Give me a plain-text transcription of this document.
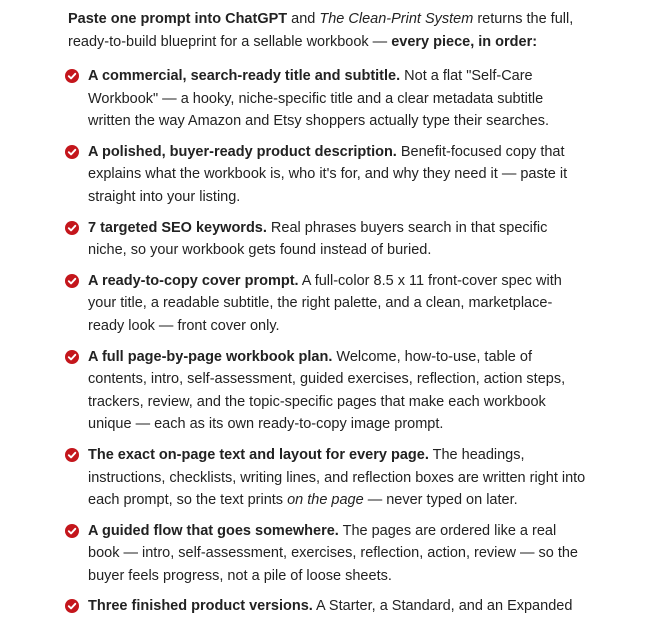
Paste one prompt into ChatGPT and The Clean-Print System returns the full, ready-to-build blueprint for a sellable workbook — every piece, in order:

A commercial, search-ready title and subtitle. Not a flat "Self-Care Workbook" — a hooky, niche-specific title and a clear metadata subtitle written the way Amazon and Etsy shoppers actually type their searches.
A polished, buyer-ready product description. Benefit-focused copy that explains what the workbook is, who it's for, and why they need it — paste it straight into your listing.
7 targeted SEO keywords. Real phrases buyers search in that specific niche, so your workbook gets found instead of buried.
A ready-to-copy cover prompt. A full-color 8.5 x 11 front-cover spec with your title, a readable subtitle, the right palette, and a clean, marketplace-ready look — front cover only.
A full page-by-page workbook plan. Welcome, how-to-use, table of contents, intro, self-assessment, guided exercises, reflection, action steps, trackers, review, and the topic-specific pages that make each workbook unique — each as its own ready-to-copy image prompt.
The exact on-page text and layout for every page. The headings, instructions, checklists, writing lines, and reflection boxes are written right into each prompt, so the text prints on the page — never typed on later.
A guided flow that goes somewhere. The pages are ordered like a real book — intro, self-assessment, exercises, reflection, action, review — so the buyer feels progress, not a pile of loose sheets.
Three finished product versions. A Starter, a Standard, and an Expanded
